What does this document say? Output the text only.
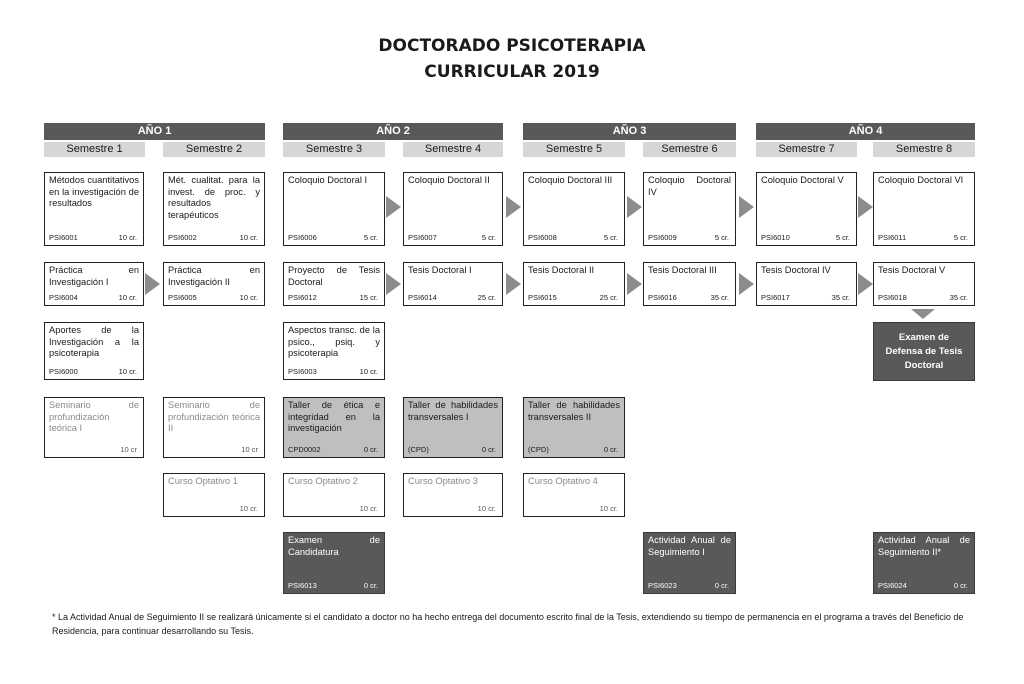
DOCTORADO PSICOTERAPIA
CURRICULAR 2019
AÑO 1	AÑO 2	AÑO 3	AÑO 4
Semestre 1	Semestre 2	Semestre 3	Semestre 4	Semestre 5	Semestre 6	Semestre 7	Semestre 8
Métodos cuantitativos en la investigación de resultados
PSI6001	10 cr.
Mét. cualitat. para la invest. de proc. y resultados terapéuticos
PSI6002	10 cr.
Coloquio Doctoral I
PSI6006	5 cr.
Coloquio Doctoral II
PSI6007	5 cr.
Coloquio Doctoral III
PSI6008	5 cr.
Coloquio Doctoral IV
PSI6009	5 cr.
Coloquio Doctoral V
PSI6010	5 cr.
Coloquio Doctoral VI
PSI6011	5 cr.
Práctica en Investigación I
PSI6004	10 cr.
Práctica en Investigación II
PSI6005	10 cr.
Proyecto de Tesis Doctoral
PSI6012	15 cr.
Tesis Doctoral I
PSI6014	25 cr.
Tesis Doctoral II
PSI6015	25 cr.
Tesis Doctoral III
PSI6016	35 cr.
Tesis Doctoral IV
PSI6017	35 cr.
Tesis Doctoral V
PSI6018	35 cr.
Aportes de la Investigación a la psicoterapia
PSI6000	10 cr.
Aspectos transc. de la psico., psiq. y psicoterapia
PSI6003	10 cr.
Examen de Defensa de Tesis Doctoral
Seminario de profundización teórica I
10 cr
Seminario de profundización teórica II
10 cr
Taller de ética e integridad en la investigación
CPD0002	0 cr.
Taller de habilidades transversales I
(CPD)	0 cr.
Taller de habilidades transversales II
(CPD)	0 cr.
Curso Optativo 1
10 cr.
Curso Optativo 2
10 cr.
Curso Optativo 3
10 cr.
Curso Optativo 4
10 cr.
Examen de Candidatura
PSI6013	0 cr.
Actividad Anual de Seguimiento I
PSI6023	0 cr.
Actividad Anual de Seguimiento II*
PSI6024	0 cr.
* La Actividad Anual de Seguimiento II se realizará únicamente si el candidato a doctor no ha hecho entrega del documento escrito final de la Tesis, extendiendo su tiempo de permanencia en el programa a través del Beneficio de Residencia, para continuar desarrollando su Tesis.
